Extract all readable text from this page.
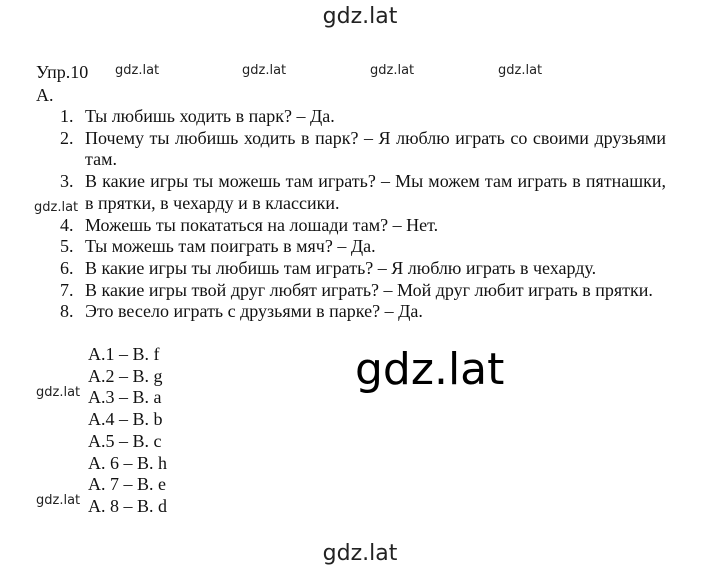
gdz.lat
gdz.lat	gdz.lat	gdz.lat	gdz.lat
Упр.10
А.
1. Ты любишь ходить в парк? – Да.
2. Почему ты любишь ходить в парк? – Я люблю играть со своими друзьями там.
3. В какие игры ты можешь там играть? – Мы можем там играть в пятнашки, в прятки, в чехарду и в классики.
4. Можешь ты покататься на лошади там? – Нет.
5. Ты можешь там поиграть в мяч? – Да.
6. В какие игры ты любишь там играть? – Я люблю играть в чехарду.
7. В какие игры твой друг любят играть? – Мой друг любит играть в прятки.
8. Это весело играть с друзьями в парке? – Да.
A.1 – B. f
A.2 – B. g
A.3 – B. a
A.4 – B. b
A.5 – B. c
A. 6 – B. h
A. 7 – B. e
A. 8 – B. d
gdz.lat
gdz.lat
gdz.lat
gdz.lat
gdz.lat
